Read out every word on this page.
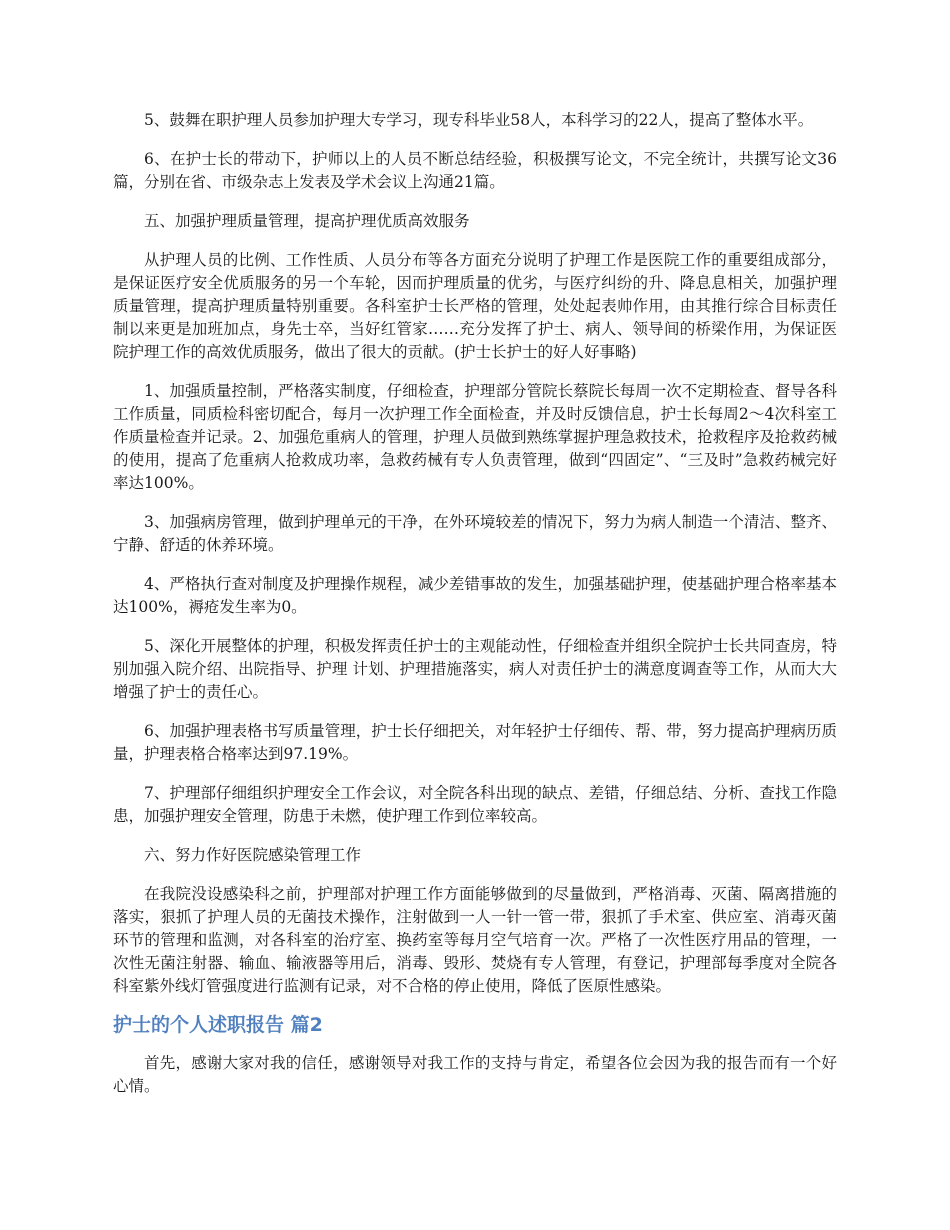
5、鼓舞在职护理人员参加护理大专学习，现专科毕业58人，本科学习的22人，提高了整体水平。

6、在护士长的带动下，护师以上的人员不断总结经验，积极撰写论文，不完全统计，共撰写论文36篇，分别在省、市级杂志上发表及学术会议上沟通21篇。

五、加强护理质量管理，提高护理优质高效服务

从护理人员的比例、工作性质、人员分布等各方面充分说明了护理工作是医院工作的重要组成部分，是保证医疗安全优质服务的另一个车轮，因而护理质量的优劣，与医疗纠纷的升、降息息相关，加强护理质量管理，提高护理质量特别重要。各科室护士长严格的管理，处处起表帅作用，由其推行综合目标责任制以来更是加班加点，身先士卒，当好红管家……充分发挥了护士、病人、领导间的桥梁作用，为保证医院护理工作的高效优质服务，做出了很大的贡献。(护士长护士的好人好事略)

1、加强质量控制，严格落实制度，仔细检查，护理部分管院长蔡院长每周一次不定期检查、督导各科工作质量，同质检科密切配合，每月一次护理工作全面检查，并及时反馈信息，护士长每周2～4次科室工作质量检查并记录。2、加强危重病人的管理，护理人员做到熟练掌握护理急救技术，抢救程序及抢救药械的使用，提高了危重病人抢救成功率，急救药械有专人负责管理，做到“四固定”、“三及时”急救药械完好率达100%。

3、加强病房管理，做到护理单元的干净，在外环境较差的情况下，努力为病人制造一个清洁、整齐、宁静、舒适的休养环境。

4、严格执行查对制度及护理操作规程，减少差错事故的发生，加强基础护理，使基础护理合格率基本达100%，褥疮发生率为0。

5、深化开展整体的护理，积极发挥责任护士的主观能动性，仔细检查并组织全院护士长共同查房，特别加强入院介绍、出院指导、护理 计划、护理措施落实，病人对责任护士的满意度调查等工作，从而大大增强了护士的责任心。

6、加强护理表格书写质量管理，护士长仔细把关，对年轻护士仔细传、帮、带，努力提高护理病历质量，护理表格合格率达到97.19%。

7、护理部仔细组织护理安全工作会议，对全院各科出现的缺点、差错，仔细总结、分析、查找工作隐患，加强护理安全管理，防患于未燃，使护理工作到位率较高。

六、努力作好医院感染管理工作

在我院没设感染科之前，护理部对护理工作方面能够做到的尽量做到，严格消毒、灭菌、隔离措施的落实，狠抓了护理人员的无菌技术操作，注射做到一人一针一管一带，狠抓了手术室、供应室、消毒灭菌环节的管理和监测，对各科室的治疗室、换药室等每月空气培育一次。严格了一次性医疗用品的管理，一次性无菌注射器、输血、输液器等用后，消毒、毁形、焚烧有专人管理，有登记，护理部每季度对全院各科室紫外线灯管强度进行监测有记录，对不合格的停止使用，降低了医原性感染。

护士的个人述职报告 篇2

首先，感谢大家对我的信任，感谢领导对我工作的支持与肯定，希望各位会因为我的报告而有一个好心情。
